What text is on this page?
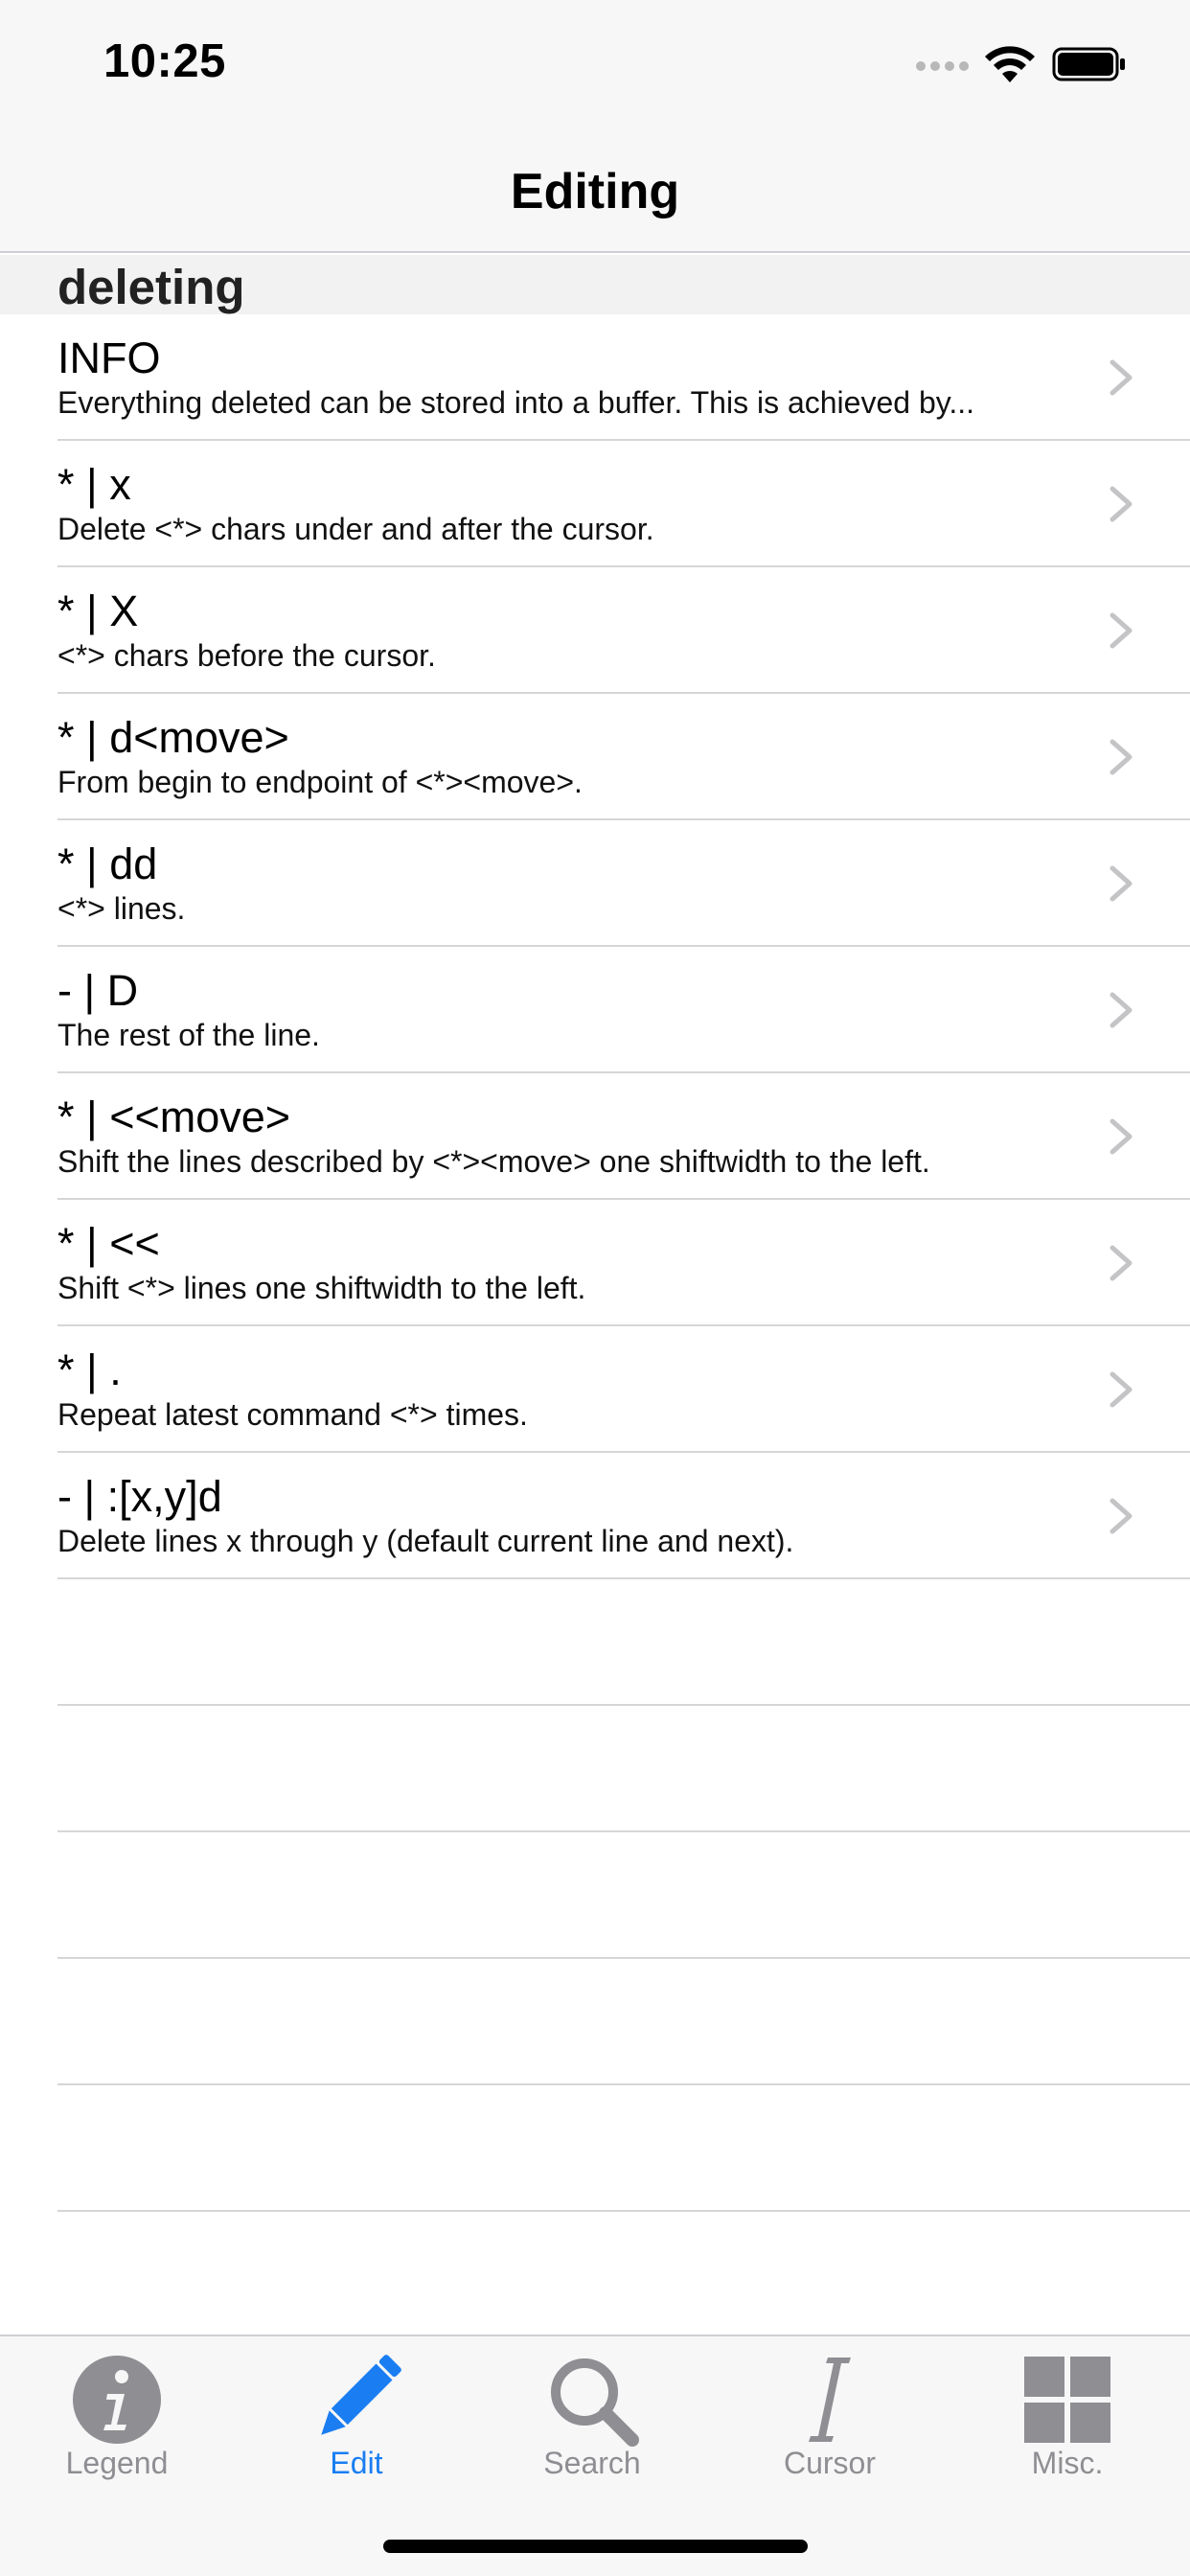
10:25
Editing
deleting
INFO
Everything deleted can be stored into a buffer. This is achieved by...
* | x
Delete <*> chars under and after the cursor.
* | X
<*> chars before the cursor.
* | d<move>
From begin to endpoint of <*><move>.
* | dd
<*> lines.
- | D
The rest of the line.
* | <<move>
Shift the lines described by <*><move> one shiftwidth to the left.
* | <<
Shift <*> lines one shiftwidth to the left.
* | .
Repeat latest command <*> times.
- | :[x,y]d
Delete lines x through y (default current line and next).
Legend	Edit	Search	Cursor	Misc.
